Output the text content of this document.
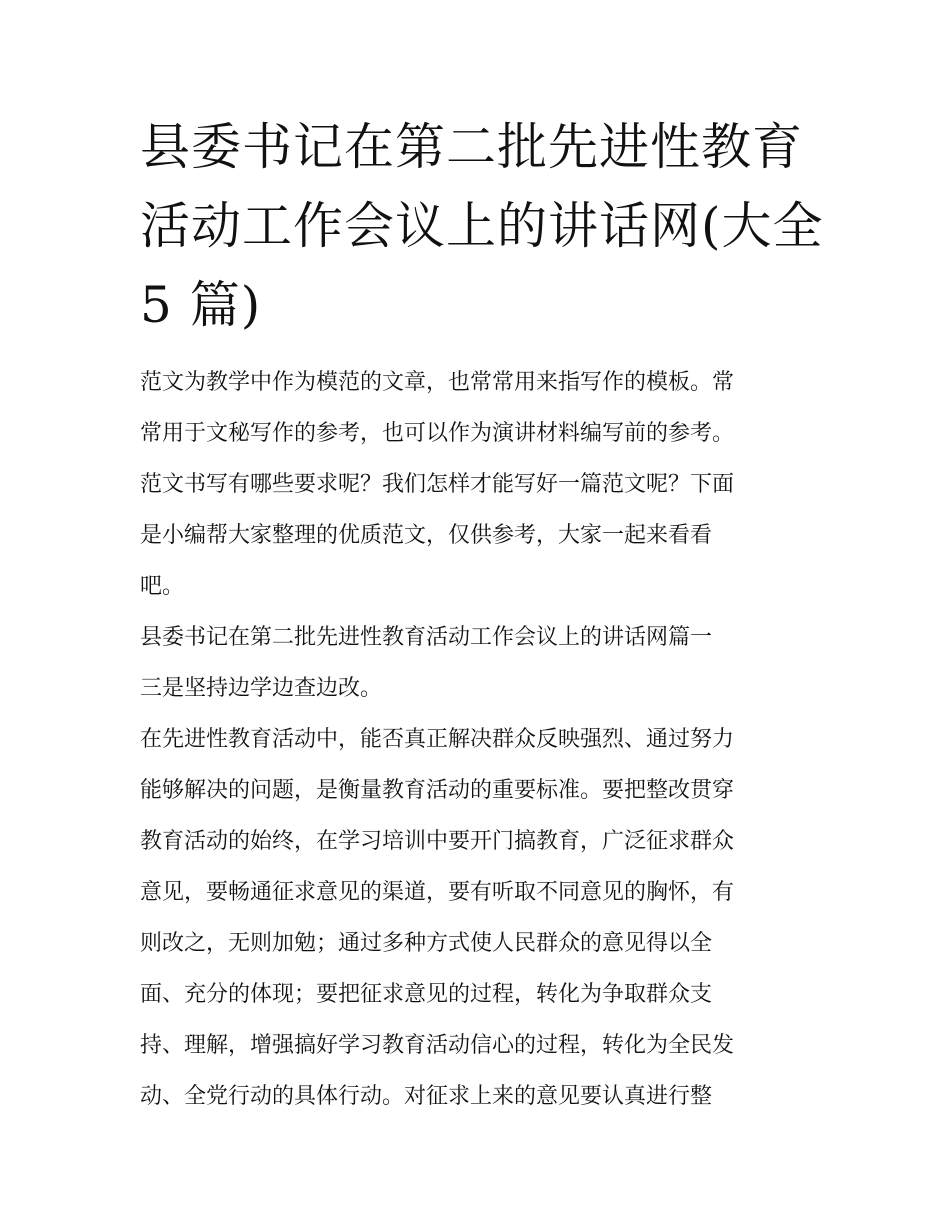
县委书记在第二批先进性教育
活动工作会议上的讲话网(大全
5 篇)
范文为教学中作为模范的文章，也常常用来指写作的模板。常
常用于文秘写作的参考，也可以作为演讲材料编写前的参考。
范文书写有哪些要求呢？我们怎样才能写好一篇范文呢？下面
是小编帮大家整理的优质范文，仅供参考，大家一起来看看
吧。
县委书记在第二批先进性教育活动工作会议上的讲话网篇一
三是坚持边学边查边改。
在先进性教育活动中，能否真正解决群众反映强烈、通过努力
能够解决的问题，是衡量教育活动的重要标准。要把整改贯穿
教育活动的始终，在学习培训中要开门搞教育，广泛征求群众
意见，要畅通征求意见的渠道，要有听取不同意见的胸怀，有
则改之，无则加勉；通过多种方式使人民群众的意见得以全
面、充分的体现；要把征求意见的过程，转化为争取群众支
持、理解，增强搞好学习教育活动信心的过程，转化为全民发
动、全党行动的具体行动。对征求上来的意见要认真进行整
